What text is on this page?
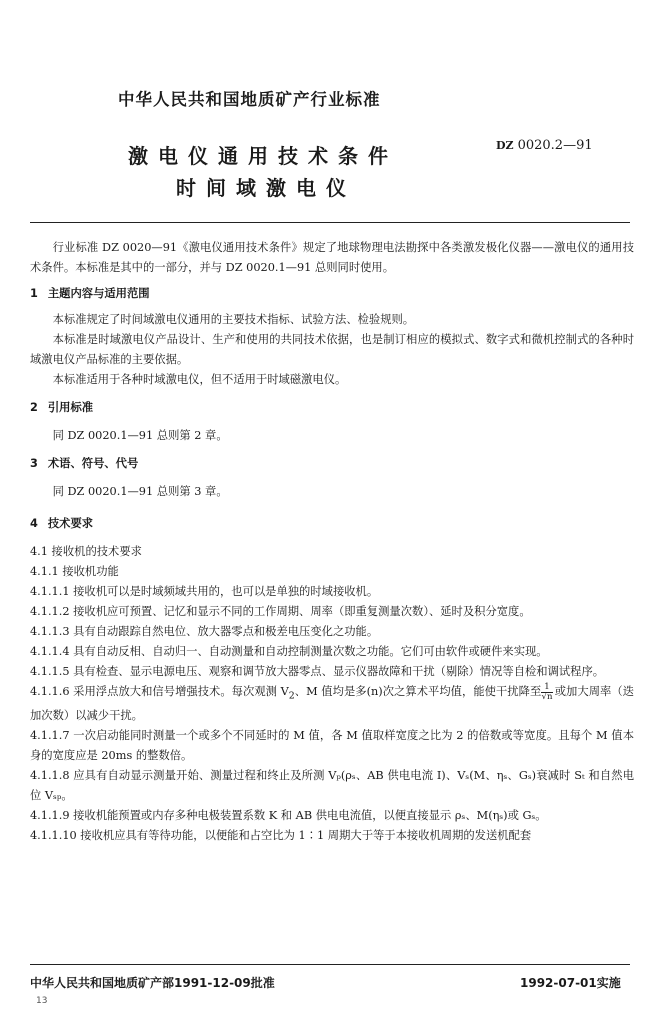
中华人民共和国地质矿产行业标准
激电仪通用技术条件
时间域激电仪
DZ 0020.2—91

行业标准 DZ 0020—91《激电仪通用技术条件》规定了地球物理电法勘探中各类激发极化仪器——激电仪的通用技术条件。本标准是其中的一部分，并与 DZ 0020.1—91 总则同时使用。

1 主题内容与适用范围

本标准规定了时间域激电仪通用的主要技术指标、试验方法、检验规则。

本标准是时域激电仪产品设计、生产和使用的共同技术依据，也是制订相应的模拟式、数字式和微机控制式的各种时域激电仪产品标准的主要依据。

本标准适用于各种时域激电仪，但不适用于时域磁激电仪。

2 引用标准

同 DZ 0020.1—91 总则第 2 章。

3 术语、符号、代号

同 DZ 0020.1—91 总则第 3 章。

4 技术要求

4.1 接收机的技术要求

4.1.1 接收机功能

4.1.1.1 接收机可以是时域频域共用的，也可以是单独的时域接收机。

4.1.1.2 接收机应可预置、记忆和显示不同的工作周期、周率（即重复测量次数）、延时及积分宽度。

4.1.1.3 具有自动跟踪自然电位、放大器零点和极差电压变化之功能。

4.1.1.4 具有自动反相、自动归一、自动测量和自动控制测量次数之功能。它们可由软件或硬件来实现。

4.1.1.5 具有检查、显示电源电压、观察和调节放大器零点、显示仪器故障和干扰（剔除）情况等自检和调试程序。

4.1.1.6 采用浮点放大和信号增强技术。每次观测 $V_2$、M 值均是多(n)次之算术平均值，能使干扰降至 $\frac{1}{√n}$ 或加大周率（迭加次数）以减少干扰。

4.1.1.7 一次启动能同时测量一个或多个不同延时的 M 值，各 M 值取样宽度之比为 2 的倍数或等宽度。且每个 M 值本身的宽度应是 20ms 的整数倍。

4.1.1.8 应具有自动显示测量开始、测量过程和终止及所测 Vₚ(ρₛ、AB 供电电流 I)、Vₛ(M、ηₛ、Gₛ)衰减时 Sₜ 和自然电位 Vₛₚ。

4.1.1.9 接收机能预置或内存多种电极装置系数 K 和 AB 供电电流值，以便直接显示 ρₛ、M(ηₛ)或 Gₛ。

4.1.1.10 接收机应具有等待功能，以便能和占空比为 1∶1 周期大于等于本接收机周期的发送机配套

中华人民共和国地质矿产部1991-12-09批准	1992-07-01实施
13
